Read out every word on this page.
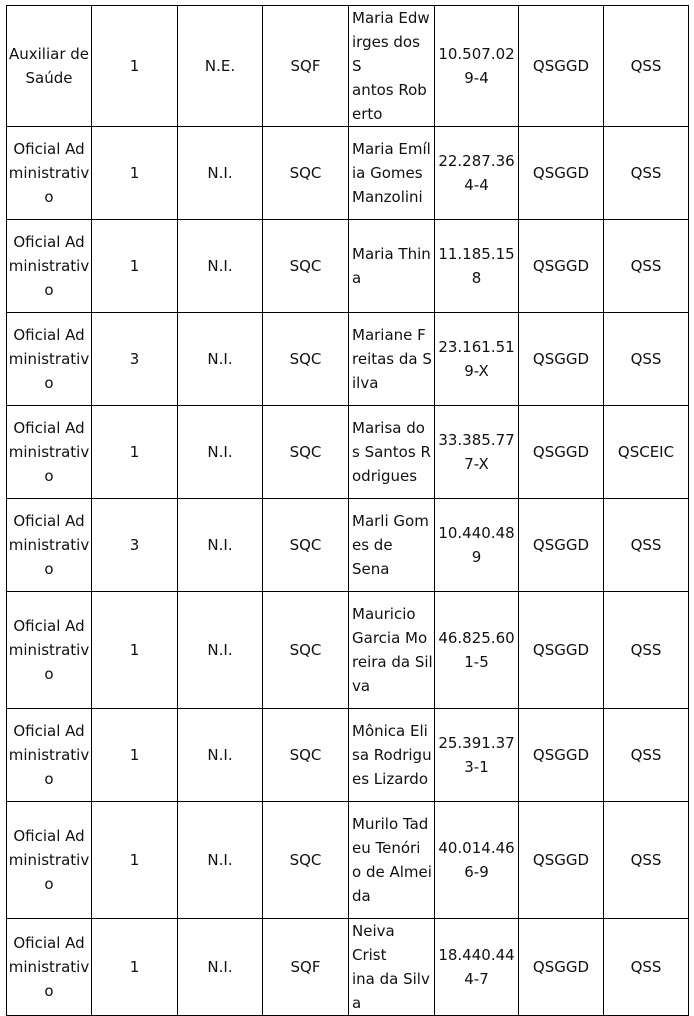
Auxiliar de
Saúde	1	N.E.	SQF	Maria Edw
irges dos S
antos Rob
erto	10.507.02
9-4	QSGGD	QSS
Oficial Ad
ministrativ
o	1	N.I.	SQC	Maria Emíl
ia Gomes
Manzolini	22.287.36
4-4	QSGGD	QSS
Oficial Ad
ministrativ
o	1	N.I.	SQC	Maria Thin
a	11.185.15
8	QSGGD	QSS
Oficial Ad
ministrativ
o	3	N.I.	SQC	Mariane F
reitas da S
ilva	23.161.51
9-X	QSGGD	QSS
Oficial Ad
ministrativ
o	1	N.I.	SQC	Marisa do
s Santos R
odrigues	33.385.77
7-X	QSGGD	QSCEIC
Oficial Ad
ministrativ
o	3	N.I.	SQC	Marli Gom
es de Sena	10.440.48
9	QSGGD	QSS
Oficial Ad
ministrativ
o	1	N.I.	SQC	Mauricio
Garcia Mo
reira da Sil
va	46.825.60
1-5	QSGGD	QSS
Oficial Ad
ministrativ
o	1	N.I.	SQC	Mônica Eli
sa Rodrigu
es Lizardo	25.391.37
3-1	QSGGD	QSS
Oficial Ad
ministrativ
o	1	N.I.	SQC	Murilo Tad
eu Tenóri
o de Almei
da	40.014.46
6-9	QSGGD	QSS
Oficial Ad
ministrativ
o	1	N.I.	SQF	Neiva Crist
ina da Silv
a	18.440.44
4-7	QSGGD	QSS
